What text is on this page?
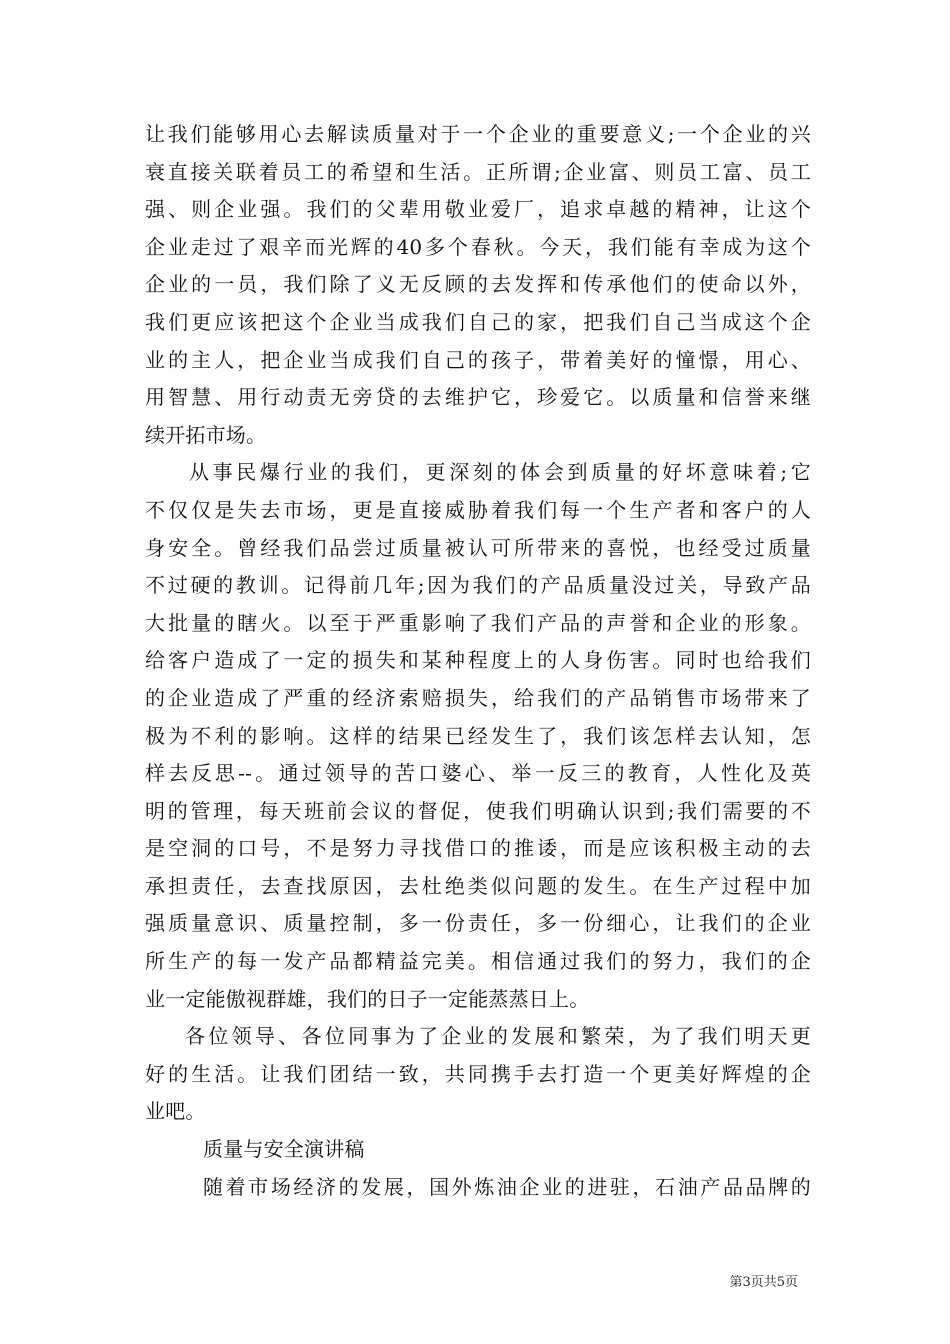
让我们能够用心去解读质量对于一个企业的重要意义;一个企业的兴
衰直接关联着员工的希望和生活。正所谓;企业富、则员工富、员工
强、则企业强。我们的父辈用敬业爱厂，追求卓越的精神，让这个
企业走过了艰辛而光辉的40多个春秋。今天，我们能有幸成为这个
企业的一员，我们除了义无反顾的去发挥和传承他们的使命以外，
我们更应该把这个企业当成我们自己的家，把我们自己当成这个企
业的主人，把企业当成我们自己的孩子，带着美好的憧憬，用心、
用智慧、用行动责无旁贷的去维护它，珍爱它。以质量和信誉来继
续开拓市场。
从事民爆行业的我们，更深刻的体会到质量的好坏意味着;它
不仅仅是失去市场，更是直接威胁着我们每一个生产者和客户的人
身安全。曾经我们品尝过质量被认可所带来的喜悦，也经受过质量
不过硬的教训。记得前几年;因为我们的产品质量没过关，导致产品
大批量的瞎火。以至于严重影响了我们产品的声誉和企业的形象。
给客户造成了一定的损失和某种程度上的人身伤害。同时也给我们
的企业造成了严重的经济索赔损失，给我们的产品销售市场带来了
极为不利的影响。这样的结果已经发生了，我们该怎样去认知，怎
样去反思--。通过领导的苦口婆心、举一反三的教育，人性化及英
明的管理，每天班前会议的督促，使我们明确认识到;我们需要的不
是空洞的口号，不是努力寻找借口的推诿，而是应该积极主动的去
承担责任，去查找原因，去杜绝类似问题的发生。在生产过程中加
强质量意识、质量控制，多一份责任，多一份细心，让我们的企业
所生产的每一发产品都精益完美。相信通过我们的努力，我们的企
业一定能傲视群雄，我们的日子一定能蒸蒸日上。
各位领导、各位同事为了企业的发展和繁荣，为了我们明天更
好的生活。让我们团结一致，共同携手去打造一个更美好辉煌的企
业吧。
质量与安全演讲稿
随着市场经济的发展，国外炼油企业的进驻，石油产品品牌的
第3页共5页
